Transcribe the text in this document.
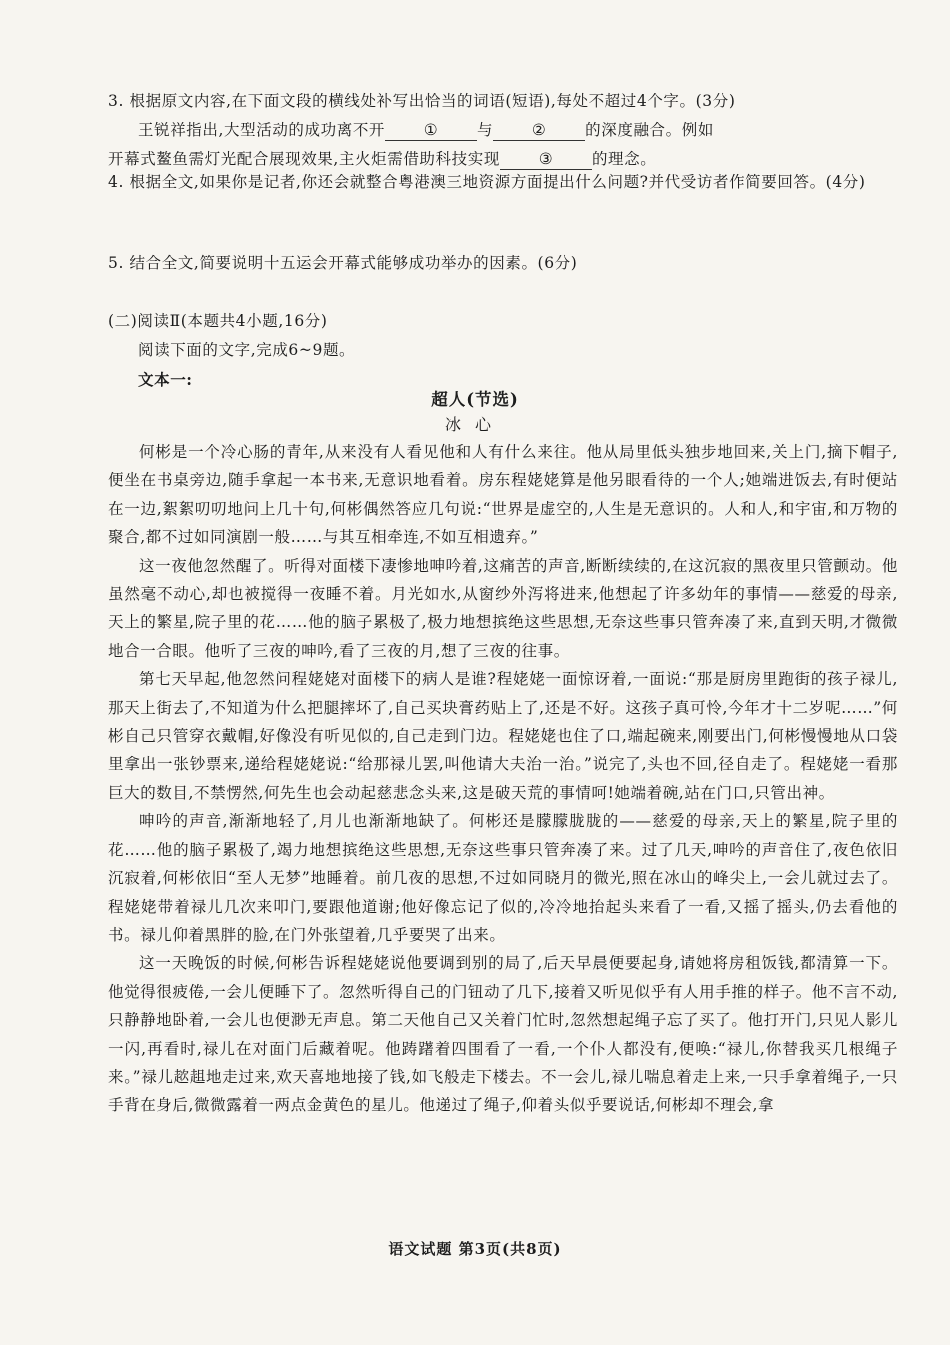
3. 根据原文内容,在下面文段的横线处补写出恰当的词语(短语),每处不超过4个字。(3分)
王锐祥指出,大型活动的成功离不开	①	与	②	的深度融合。例如
开幕式鳌鱼需灯光配合展现效果,主火炬需借助科技实现	③	的理念。
4. 根据全文,如果你是记者,你还会就整合粤港澳三地资源方面提出什么问题?并代受访者作简要回答。(4分)
5. 结合全文,简要说明十五运会开幕式能够成功举办的因素。(6分)
(二)阅读Ⅱ(本题共4小题,16分)
阅读下面的文字,完成6~9题。
文本一:
超人(节选)
冰心
何彬是一个冷心肠的青年,从来没有人看见他和人有什么来往。他从局里低头独步地回来,关上门,摘下帽子,便坐在书桌旁边,随手拿起一本书来,无意识地看着。房东程姥姥算是他另眼看待的一个人;她端进饭去,有时便站在一边,絮絮叨叨地问上几十句,何彬偶然答应几句说:“世界是虚空的,人生是无意识的。人和人,和宇宙,和万物的聚合,都不过如同演剧一般……与其互相牵连,不如互相遗弃。”
这一夜他忽然醒了。听得对面楼下凄惨地呻吟着,这痛苦的声音,断断续续的,在这沉寂的黑夜里只管颤动。他虽然毫不动心,却也被搅得一夜睡不着。月光如水,从窗纱外泻将进来,他想起了许多幼年的事情——慈爱的母亲,天上的繁星,院子里的花……他的脑子累极了,极力地想摈绝这些思想,无奈这些事只管奔凑了来,直到天明,才微微地合一合眼。他听了三夜的呻吟,看了三夜的月,想了三夜的往事。
第七天早起,他忽然问程姥姥对面楼下的病人是谁?程姥姥一面惊讶着,一面说:“那是厨房里跑街的孩子禄儿,那天上街去了,不知道为什么把腿摔坏了,自己买块膏药贴上了,还是不好。这孩子真可怜,今年才十二岁呢……”何彬自己只管穿衣戴帽,好像没有听见似的,自己走到门边。程姥姥也住了口,端起碗来,刚要出门,何彬慢慢地从口袋里拿出一张钞票来,递给程姥姥说:“给那禄儿罢,叫他请大夫治一治。”说完了,头也不回,径自走了。程姥姥一看那巨大的数目,不禁愣然,何先生也会动起慈悲念头来,这是破天荒的事情呵!她端着碗,站在门口,只管出神。
呻吟的声音,渐渐地轻了,月儿也渐渐地缺了。何彬还是朦朦胧胧的——慈爱的母亲,天上的繁星,院子里的花……他的脑子累极了,竭力地想摈绝这些思想,无奈这些事只管奔凑了来。过了几天,呻吟的声音住了,夜色依旧沉寂着,何彬依旧“至人无梦”地睡着。前几夜的思想,不过如同晓月的微光,照在冰山的峰尖上,一会儿就过去了。程姥姥带着禄儿几次来叩门,要跟他道谢;他好像忘记了似的,冷冷地抬起头来看了一看,又摇了摇头,仍去看他的书。禄儿仰着黑胖的脸,在门外张望着,几乎要哭了出来。
这一天晚饭的时候,何彬告诉程姥姥说他要调到别的局了,后天早晨便要起身,请她将房租饭钱,都清算一下。他觉得很疲倦,一会儿便睡下了。忽然听得自己的门钮动了几下,接着又听见似乎有人用手推的样子。他不言不动,只静静地卧着,一会儿也便渺无声息。第二天他自己又关着门忙时,忽然想起绳子忘了买了。他打开门,只见人影儿一闪,再看时,禄儿在对面门后藏着呢。他踌躇着四围看了一看,一个仆人都没有,便唤:“禄儿,你替我买几根绳子来。”禄儿趑趄地走过来,欢天喜地地接了钱,如飞般走下楼去。不一会儿,禄儿喘息着走上来,一只手拿着绳子,一只手背在身后,微微露着一两点金黄色的星儿。他递过了绳子,仰着头似乎要说话,何彬却不理会,拿
语文试题 第3页(共8页)
